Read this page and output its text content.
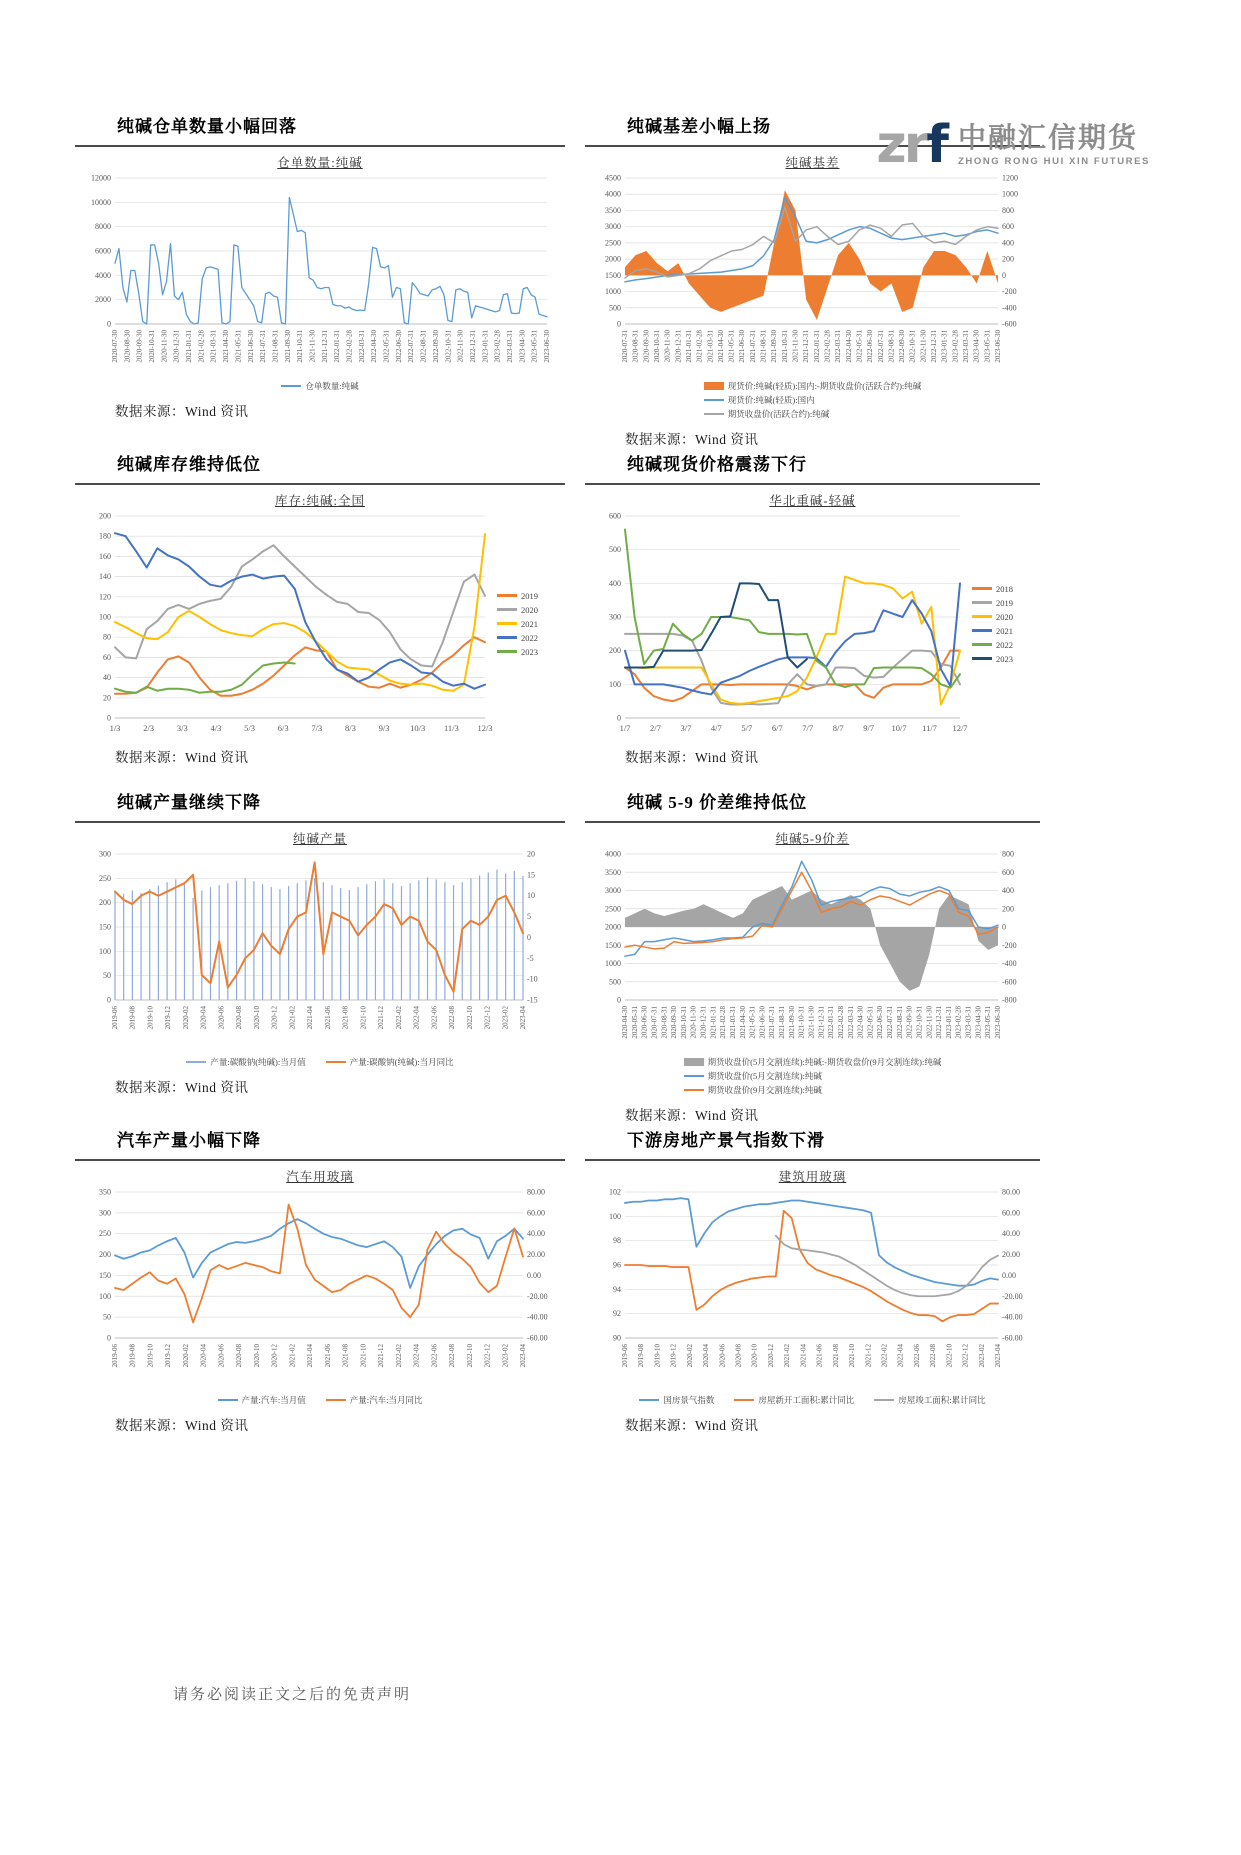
zrf 中融汇信期货
ZHONG RONG HUI XIN FUTURES
纯碱仓单数量小幅回落
仓单数量:纯碱
0
2000
4000
6000
8000
10000
12000
2020-07-30 2020-08-30 2020-09-30 2020-10-31 2020-11-30 2020-12-31 2021-01-31 2021-02-28 2021-03-31 2021-04-30 2021-05-31 2021-06-30 2021-07-31 2021-08-31 2021-09-30 2021-10-31 2021-11-30 2021-12-31 2022-01-31 2022-02-28 2022-03-31 2022-04-30 2022-05-31 2022-06-30 2022-07-31 2022-08-31 2022-09-30 2022-10-31 2022-11-30 2022-12-31 2023-01-31 2023-02-28 2023-03-31 2023-04-30 2023-05-31 2023-06-30
仓单数量:纯碱
数据来源：Wind 资讯
纯碱基差小幅上扬
纯碱基差
0
500
1000
1500
2000
2500
3000
3500
4000
4500	1200
1000
800
600
400
200
0
-200
-400
-600
2020-07-31 2020-08-31 2020-09-30 2020-10-31 2020-11-30 2020-12-31 2021-01-31 2021-02-28 2021-03-31 2021-04-30 2021-05-31 2021-06-30 2021-07-31 2021-08-31 2021-09-30 2021-10-31 2021-11-30 2021-12-31 2022-01-31 2022-02-28 2022-03-31 2022-04-30 2022-05-31 2022-06-30 2022-07-31 2022-08-31 2022-09-30 2022-10-31 2022-11-30 2022-12-31 2023-01-31 2023-02-28 2023-03-31 2023-04-30 2023-05-31 2023-06-30
现货价:纯碱(轻质):国内:-期货收盘价(活跃合约):纯碱
现货价:纯碱(轻质):国内
期货收盘价(活跃合约):纯碱
数据来源：Wind 资讯
纯碱库存维持低位
库存:纯碱:全国
0
20
40
60
80
100
120
140
160
180
200
1/3	2/3	3/3	4/3	5/3	6/3	7/3	8/3	9/3 10/3 11/3 12/3
2019
2020
2021
2022
2023
数据来源：Wind 资讯
纯碱现货价格震荡下行
华北重碱-轻碱
0
100
200
300
400
500
600
1/7 2/7 3/7 4/7 5/7 6/7 7/7 8/7 9/7 10/7 11/7 12/7
2018
2019
2020
2021
2022
2023
数据来源：Wind 资讯
纯碱产量继续下降
纯碱产量
0
50
100
150
200
250
300	20
15
10
5
0
-5
-10
-15
2019-06 2019-08 2019-10 2019-12 2020-02 2020-04 2020-06 2020-08 2020-10 2020-12 2021-02 2021-04 2021-06 2021-08 2021-10 2021-12 2022-02 2022-04 2022-06 2022-08 2022-10 2022-12 2023-02 2023-04
产量:碳酸钠(纯碱):当月值	产量:碳酸钠(纯碱):当月同比
数据来源：Wind 资讯
纯碱 5-9 价差维持低位
纯碱5-9价差
0
500
1000
1500
2000
2500
3000
3500
4000	800
600
400
200
0
-200
-400
-600
-800
2020-04-30 2020-05-31 2020-06-30 2020-07-31 2020-08-31 2020-09-30 2020-10-31 2020-11-30 2020-12-31 2021-01-31 2021-02-28 2021-03-31 2021-04-30 2021-05-31 2021-06-30 2021-07-31 2021-08-31 2021-09-30 2021-10-31 2021-11-30 2021-12-31 2022-01-31 2022-02-28 2022-03-31 2022-04-30 2022-05-31 2022-06-30 2022-07-31 2022-08-31 2022-09-30 2022-10-31 2022-11-30 2022-12-31 2023-01-31 2023-02-28 2023-03-31 2023-04-30 2023-05-31 2023-06-30
期货收盘价(5月交割连续):纯碱:-期货收盘价(9月交割连续):纯碱
期货收盘价(5月交割连续):纯碱
期货收盘价(9月交割连续):纯碱
数据来源：Wind 资讯
汽车产量小幅下降
汽车用玻璃
0
50
100
150
200
250
300
350	80.00
60.00
40.00
20.00
0.00
-20.00
-40.00
-60.00
2019-06 2019-08 2019-10 2019-12 2020-02 2020-04 2020-06 2020-08 2020-10 2020-12 2021-02 2021-04 2021-06 2021-08 2021-10 2021-12 2022-02 2022-04 2022-06 2022-08 2022-10 2022-12 2023-02 2023-04
产量:汽车:当月值	产量:汽车:当月同比
数据来源：Wind 资讯
下游房地产景气指数下滑
建筑用玻璃
90
92
94
96
98
100
102	80.00
60.00
40.00
20.00
0.00
-20.00
-40.00
-60.00
2019-06 2019-08 2019-10 2019-12 2020-02 2020-04 2020-06 2020-08 2020-10 2020-12 2021-02 2021-04 2021-06 2021-08 2021-10 2021-12 2022-02 2022-04 2022-06 2022-08 2022-10 2022-12 2023-02 2023-04
国房景气指数	房屋新开工面积:累计同比	房屋竣工面积:累计同比
数据来源：Wind 资讯
请务必阅读正文之后的免责声明
